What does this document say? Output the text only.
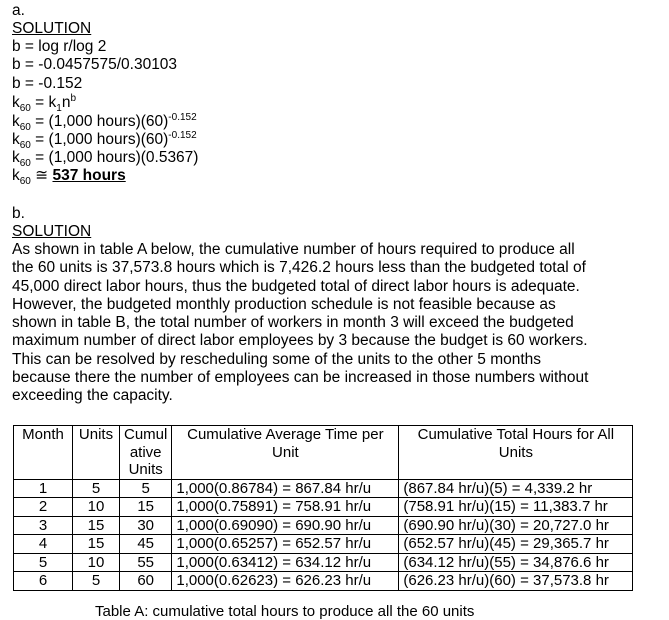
a.
SOLUTION
b = log r/log 2
b = -0.0457575/0.30103
b = -0.152
$k_{60} = k_1n^b$
$k_{60} = (1,000$ $hours)(60)^{-0.152}$
$k_{60} = (1,000$ $hours)(60)^{-0.152}$
$k_{60} = (1,000$ hours)(0.5367)
$k_{60}$ ≅ 537 hours
b.
SOLUTION
As shown in table A below, the cumulative number of hours required to produce all the 60 units is 37,573.8 hours which is 7,426.2 hours less than the budgeted total of 45,000 direct labor hours, thus the budgeted total of direct labor hours is adequate. However, the budgeted monthly production schedule is not feasible because as shown in table B, the total number of workers in month 3 will exceed the budgeted maximum number of direct labor employees by 3 because the budget is 60 workers. This can be resolved by rescheduling some of the units to the other 5 months because there the number of employees can be increased in those numbers without exceeding the capacity.
Month	Units	Cumul ative Units	Cumulative Average Time per Unit	Cumulative Total Hours for All Units
1	5	5	1,000(0.86784) = 867.84 hr/u	(867.84 hr/u)(5) = 4,339.2 hr
2	10	15	1,000(0.75891) = 758.91 hr/u	(758.91 hr/u)(15) = 11,383.7 hr
3	15	30	1,000(0.69090) = 690.90 hr/u	(690.90 hr/u)(30) = 20,727.0 hr
4	15	45	1,000(0.65257) = 652.57 hr/u	(652.57 hr/u)(45) = 29,365.7 hr
5	10	55	1,000(0.63412) = 634.12 hr/u	(634.12 hr/u)(55) = 34,876.6 hr
6	5	60	1,000(0.62623) = 626.23 hr/u	(626.23 hr/u)(60) = 37,573.8 hr
Table A: cumulative total hours to produce all the 60 units
